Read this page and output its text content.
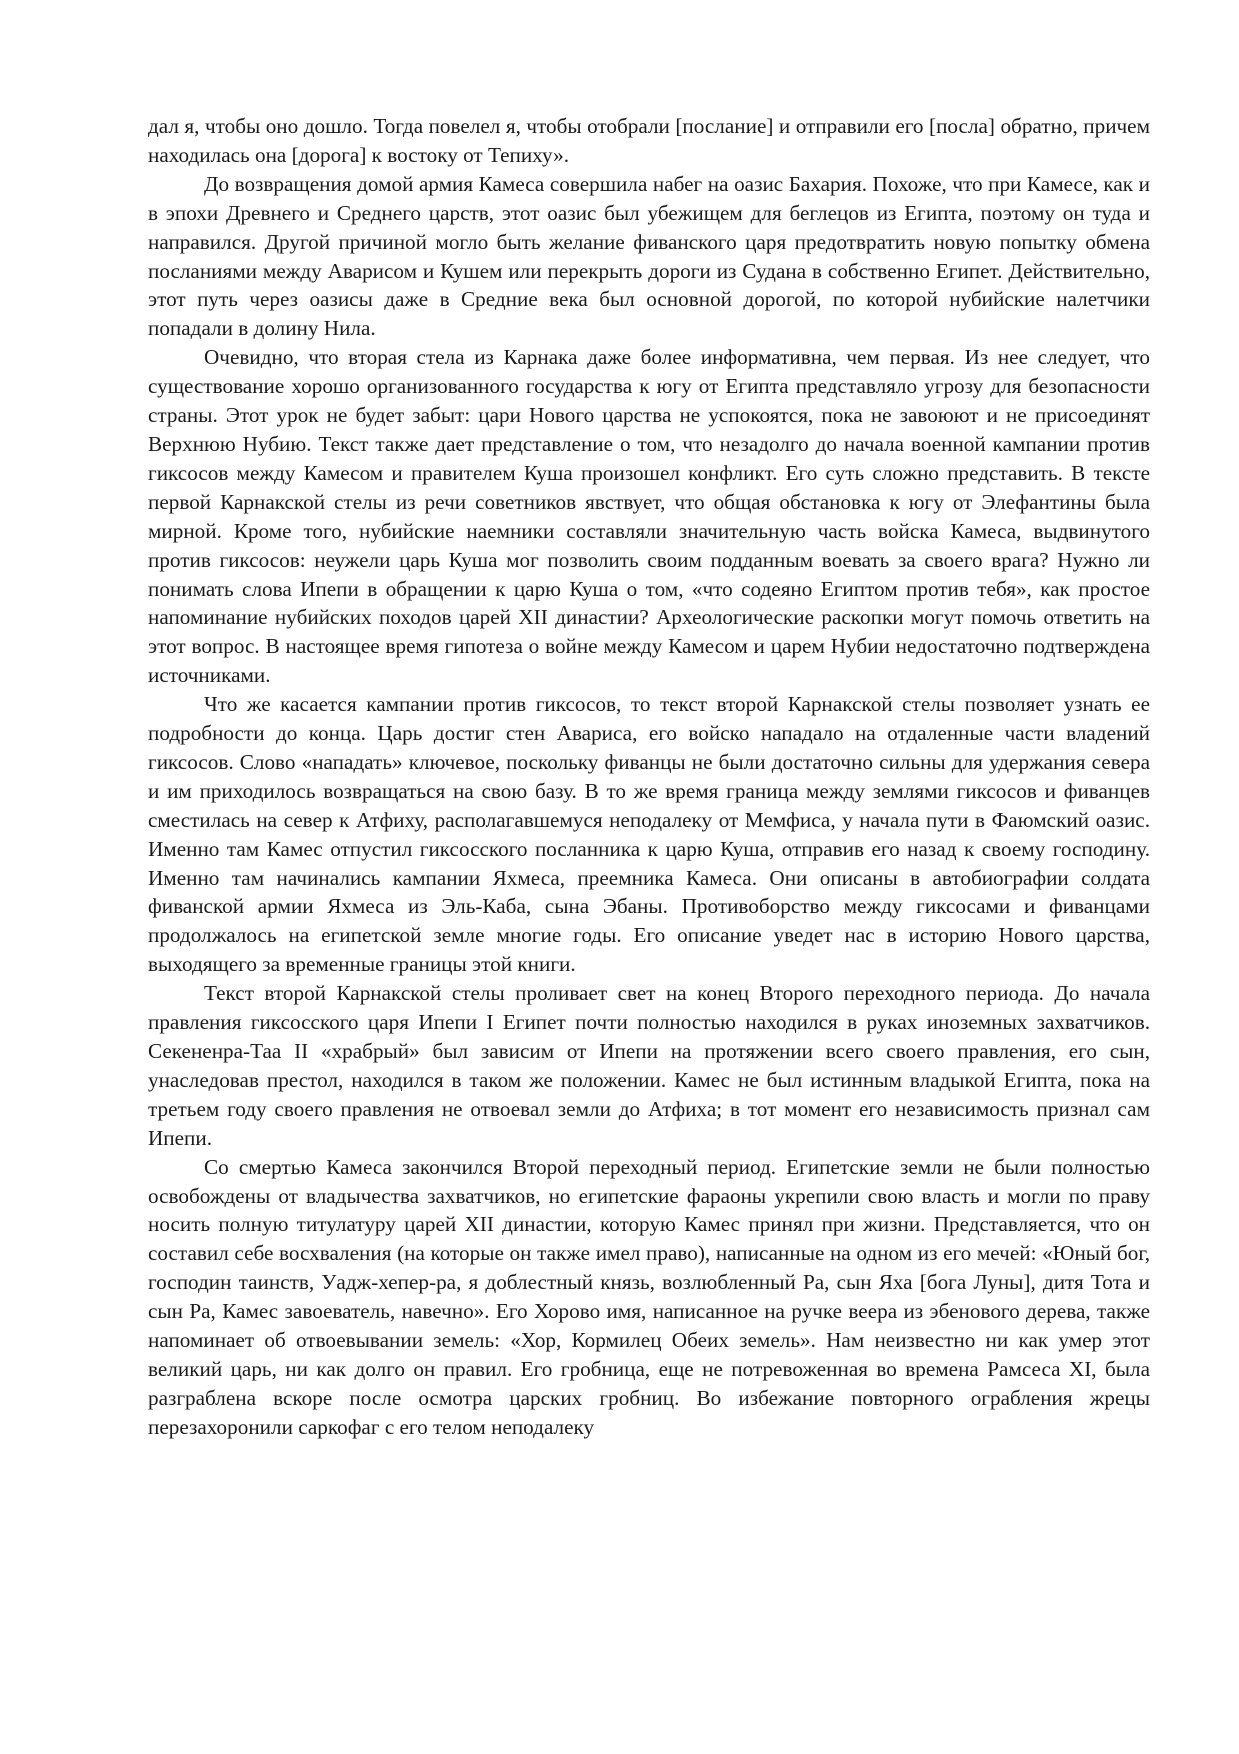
дал я, чтобы оно дошло. Тогда повелел я, чтобы отобрали [послание] и отправили его [посла] обратно, причем находилась она [дорога] к востоку от Тепиху».

До возвращения домой армия Камеса совершила набег на оазис Бахария. Похоже, что при Камесе, как и в эпохи Древнего и Среднего царств, этот оазис был убежищем для беглецов из Египта, поэтому он туда и направился. Другой причиной могло быть желание фиванского царя предотвратить новую попытку обмена посланиями между Аварисом и Кушем или перекрыть дороги из Судана в собственно Египет. Действительно, этот путь через оазисы даже в Средние века был основной дорогой, по которой нубийские налетчики попадали в долину Нила.

Очевидно, что вторая стела из Карнака даже более информативна, чем первая. Из нее следует, что существование хорошо организованного государства к югу от Египта представляло угрозу для безопасности страны. Этот урок не будет забыт: цари Нового царства не успокоятся, пока не завоюют и не присоединят Верхнюю Нубию. Текст также дает представление о том, что незадолго до начала военной кампании против гиксосов между Камесом и правителем Куша произошел конфликт. Его суть сложно представить. В тексте первой Карнакской стелы из речи советников явствует, что общая обстановка к югу от Элефантины была мирной. Кроме того, нубийские наемники составляли значительную часть войска Камеса, выдвинутого против гиксосов: неужели царь Куша мог позволить своим подданным воевать за своего врага? Нужно ли понимать слова Ипепи в обращении к царю Куша о том, «что содеяно Египтом против тебя», как простое напоминание нубийских походов царей XII династии? Археологические раскопки могут помочь ответить на этот вопрос. В настоящее время гипотеза о войне между Камесом и царем Нубии недостаточно подтверждена источниками.

Что же касается кампании против гиксосов, то текст второй Карнакской стелы позволяет узнать ее подробности до конца. Царь достиг стен Авариса, его войско нападало на отдаленные части владений гиксосов. Слово «нападать» ключевое, поскольку фиванцы не были достаточно сильны для удержания севера и им приходилось возвращаться на свою базу. В то же время граница между землями гиксосов и фиванцев сместилась на север к Атфиху, располагавшемуся неподалеку от Мемфиса, у начала пути в Фаюмский оазис. Именно там Камес отпустил гиксосского посланника к царю Куша, отправив его назад к своему господину. Именно там начинались кампании Яхмеса, преемника Камеса. Они описаны в автобиографии солдата фиванской армии Яхмеса из Эль-Каба, сына Эбаны. Противоборство между гиксосами и фиванцами продолжалось на египетской земле многие годы. Его описание уведет нас в историю Нового царства, выходящего за временные границы этой книги.

Текст второй Карнакской стелы проливает свет на конец Второго переходного периода. До начала правления гиксосского царя Ипепи I Египет почти полностью находился в руках иноземных захватчиков. Секененра-Таа II «храбрый» был зависим от Ипепи на протяжении всего своего правления, его сын, унаследовав престол, находился в таком же положении. Камес не был истинным владыкой Египта, пока на третьем году своего правления не отвоевал земли до Атфиха; в тот момент его независимость признал сам Ипепи.

Со смертью Камеса закончился Второй переходный период. Египетские земли не были полностью освобождены от владычества захватчиков, но египетские фараоны укрепили свою власть и могли по праву носить полную титулатуру царей XII династии, которую Камес принял при жизни. Представляется, что он составил себе восхваления (на которые он также имел право), написанные на одном из его мечей: «Юный бог, господин таинств, Уадж-хепер-ра, я доблестный князь, возлюбленный Ра, сын Яха [бога Луны], дитя Тота и сын Ра, Камес завоеватель, навечно». Его Хорово имя, написанное на ручке веера из эбенового дерева, также напоминает об отвоевывании земель: «Хор, Кормилец Обеих земель». Нам неизвестно ни как умер этот великий царь, ни как долго он правил. Его гробница, еще не потревоженная во времена Рамсеса XI, была разграблена вскоре после осмотра царских гробниц. Во избежание повторного ограбления жрецы перезахоронили саркофаг с его телом неподалеку
